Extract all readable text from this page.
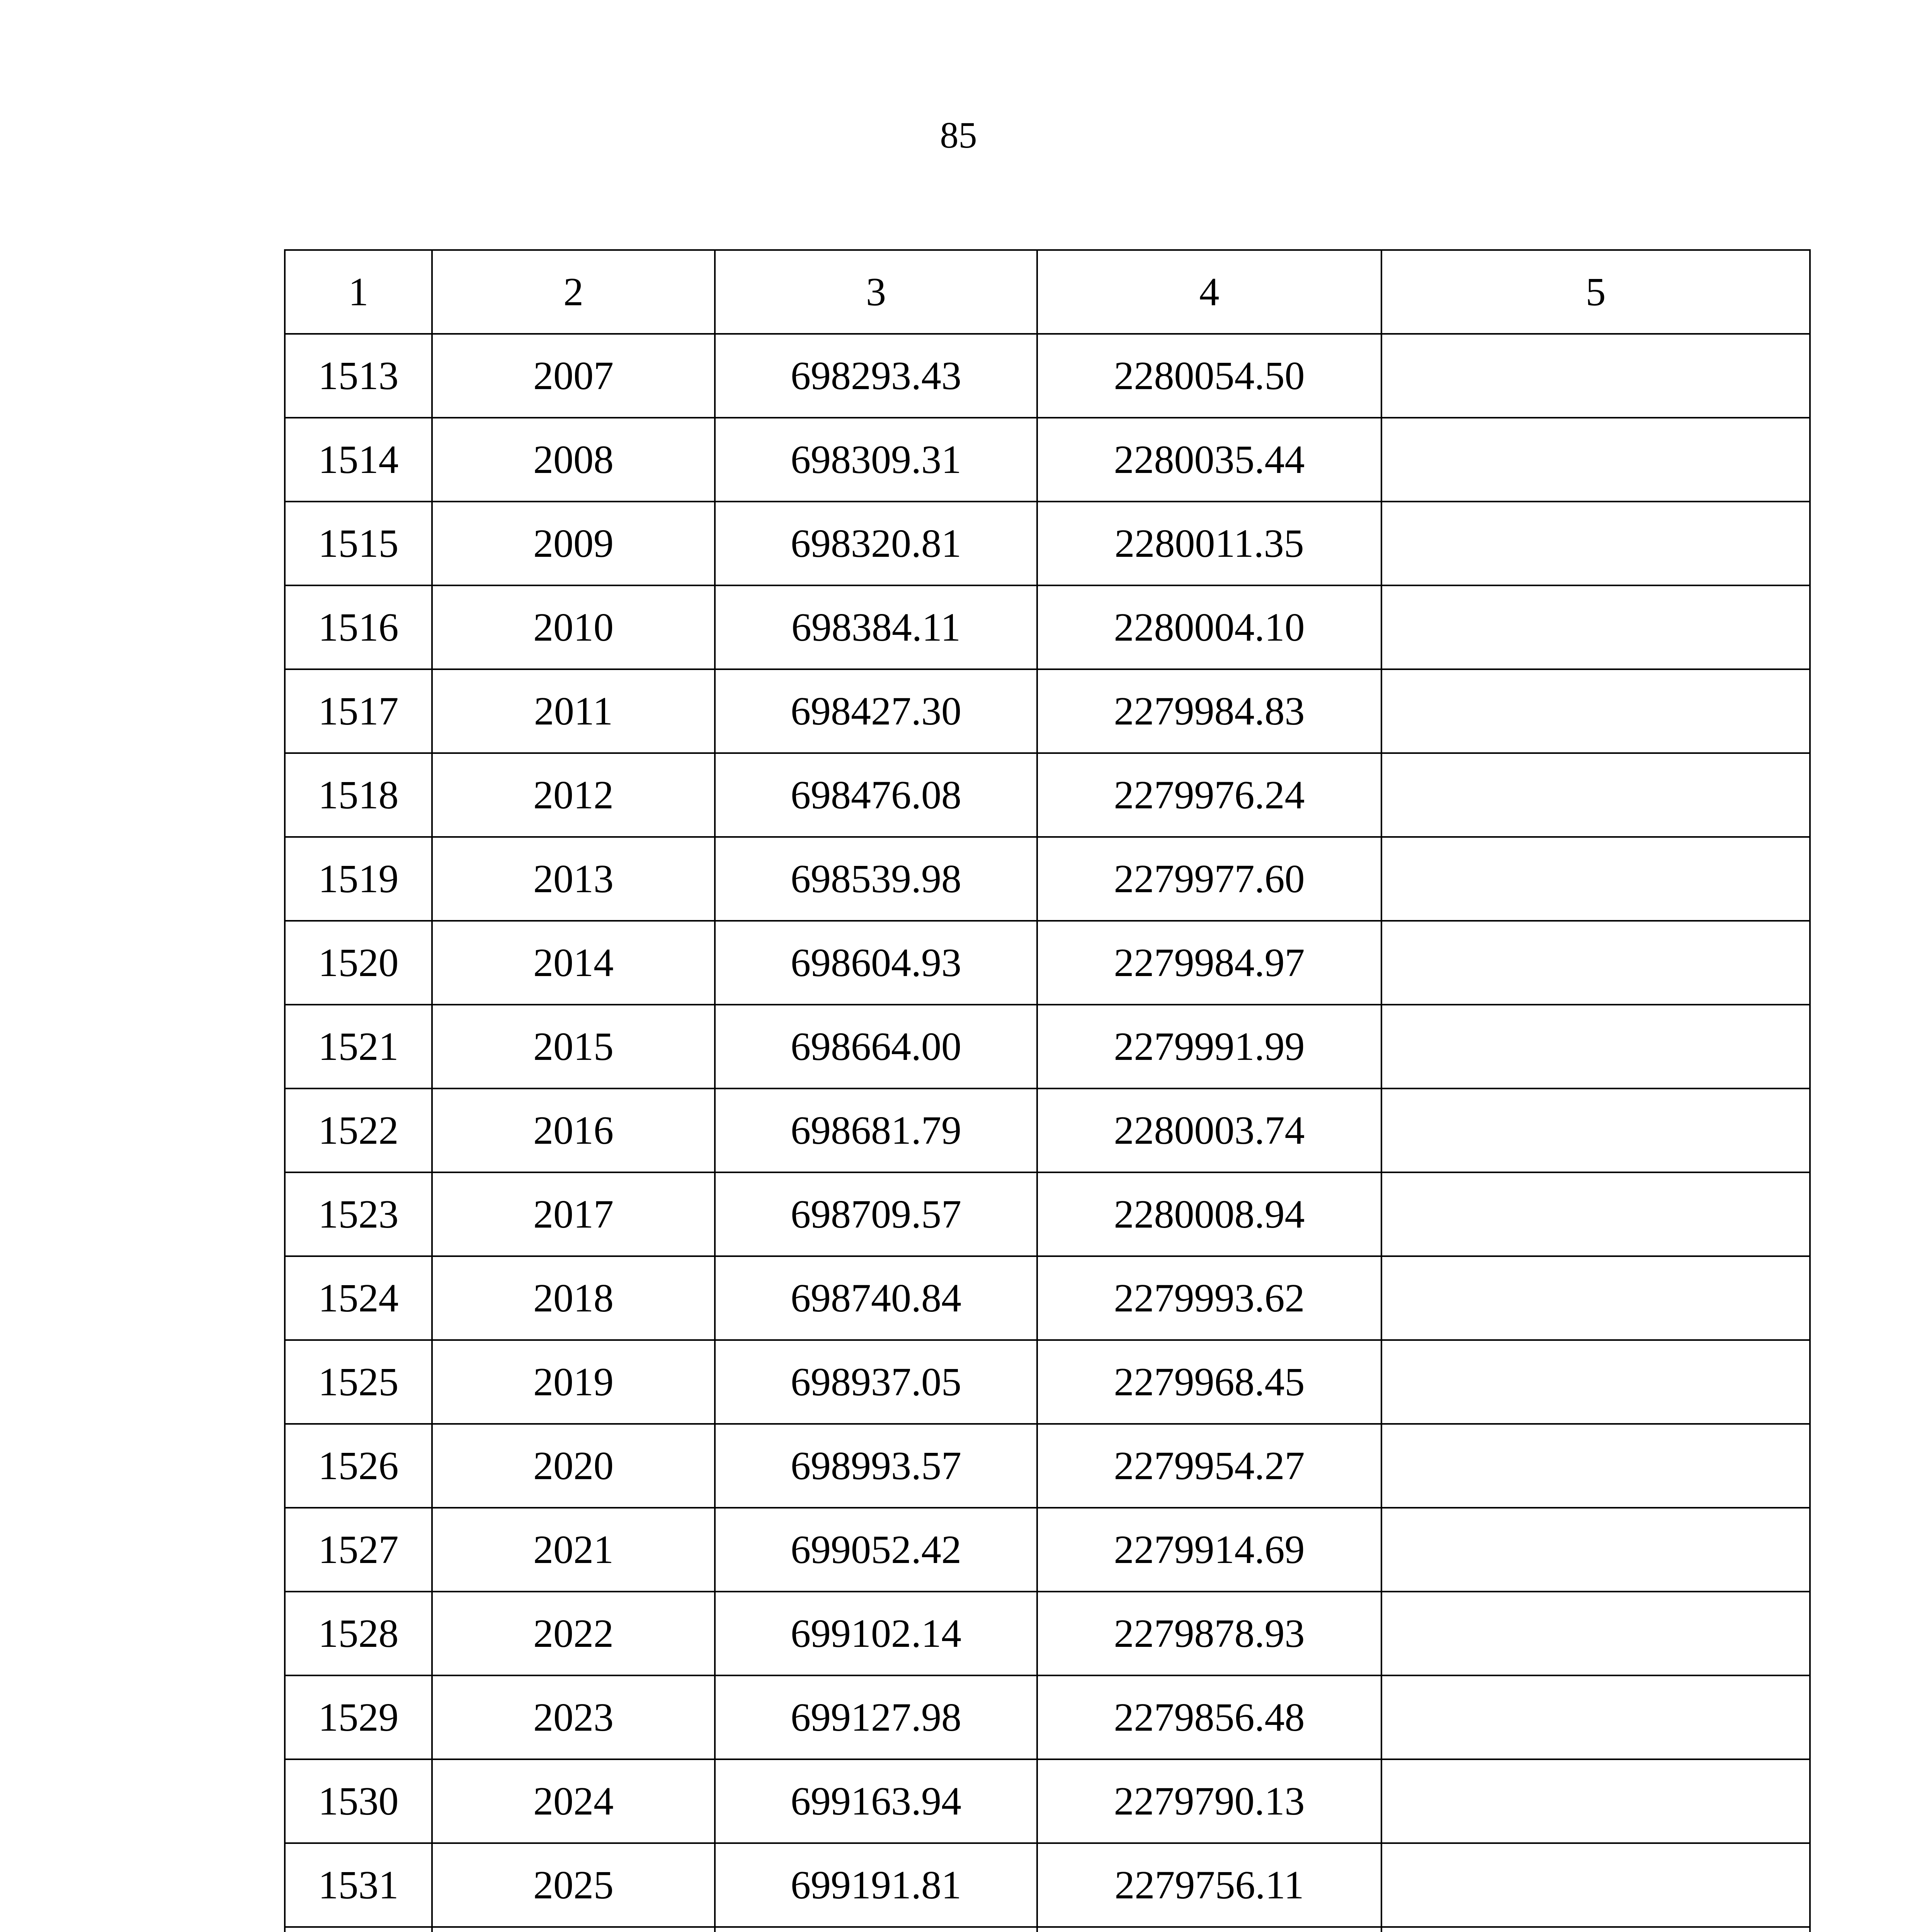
85
1	2	3	4	5
1513	2007	698293.43	2280054.50	
1514	2008	698309.31	2280035.44	
1515	2009	698320.81	2280011.35	
1516	2010	698384.11	2280004.10	
1517	2011	698427.30	2279984.83	
1518	2012	698476.08	2279976.24	
1519	2013	698539.98	2279977.60	
1520	2014	698604.93	2279984.97	
1521	2015	698664.00	2279991.99	
1522	2016	698681.79	2280003.74	
1523	2017	698709.57	2280008.94	
1524	2018	698740.84	2279993.62	
1525	2019	698937.05	2279968.45	
1526	2020	698993.57	2279954.27	
1527	2021	699052.42	2279914.69	
1528	2022	699102.14	2279878.93	
1529	2023	699127.98	2279856.48	
1530	2024	699163.94	2279790.13	
1531	2025	699191.81	2279756.11	
